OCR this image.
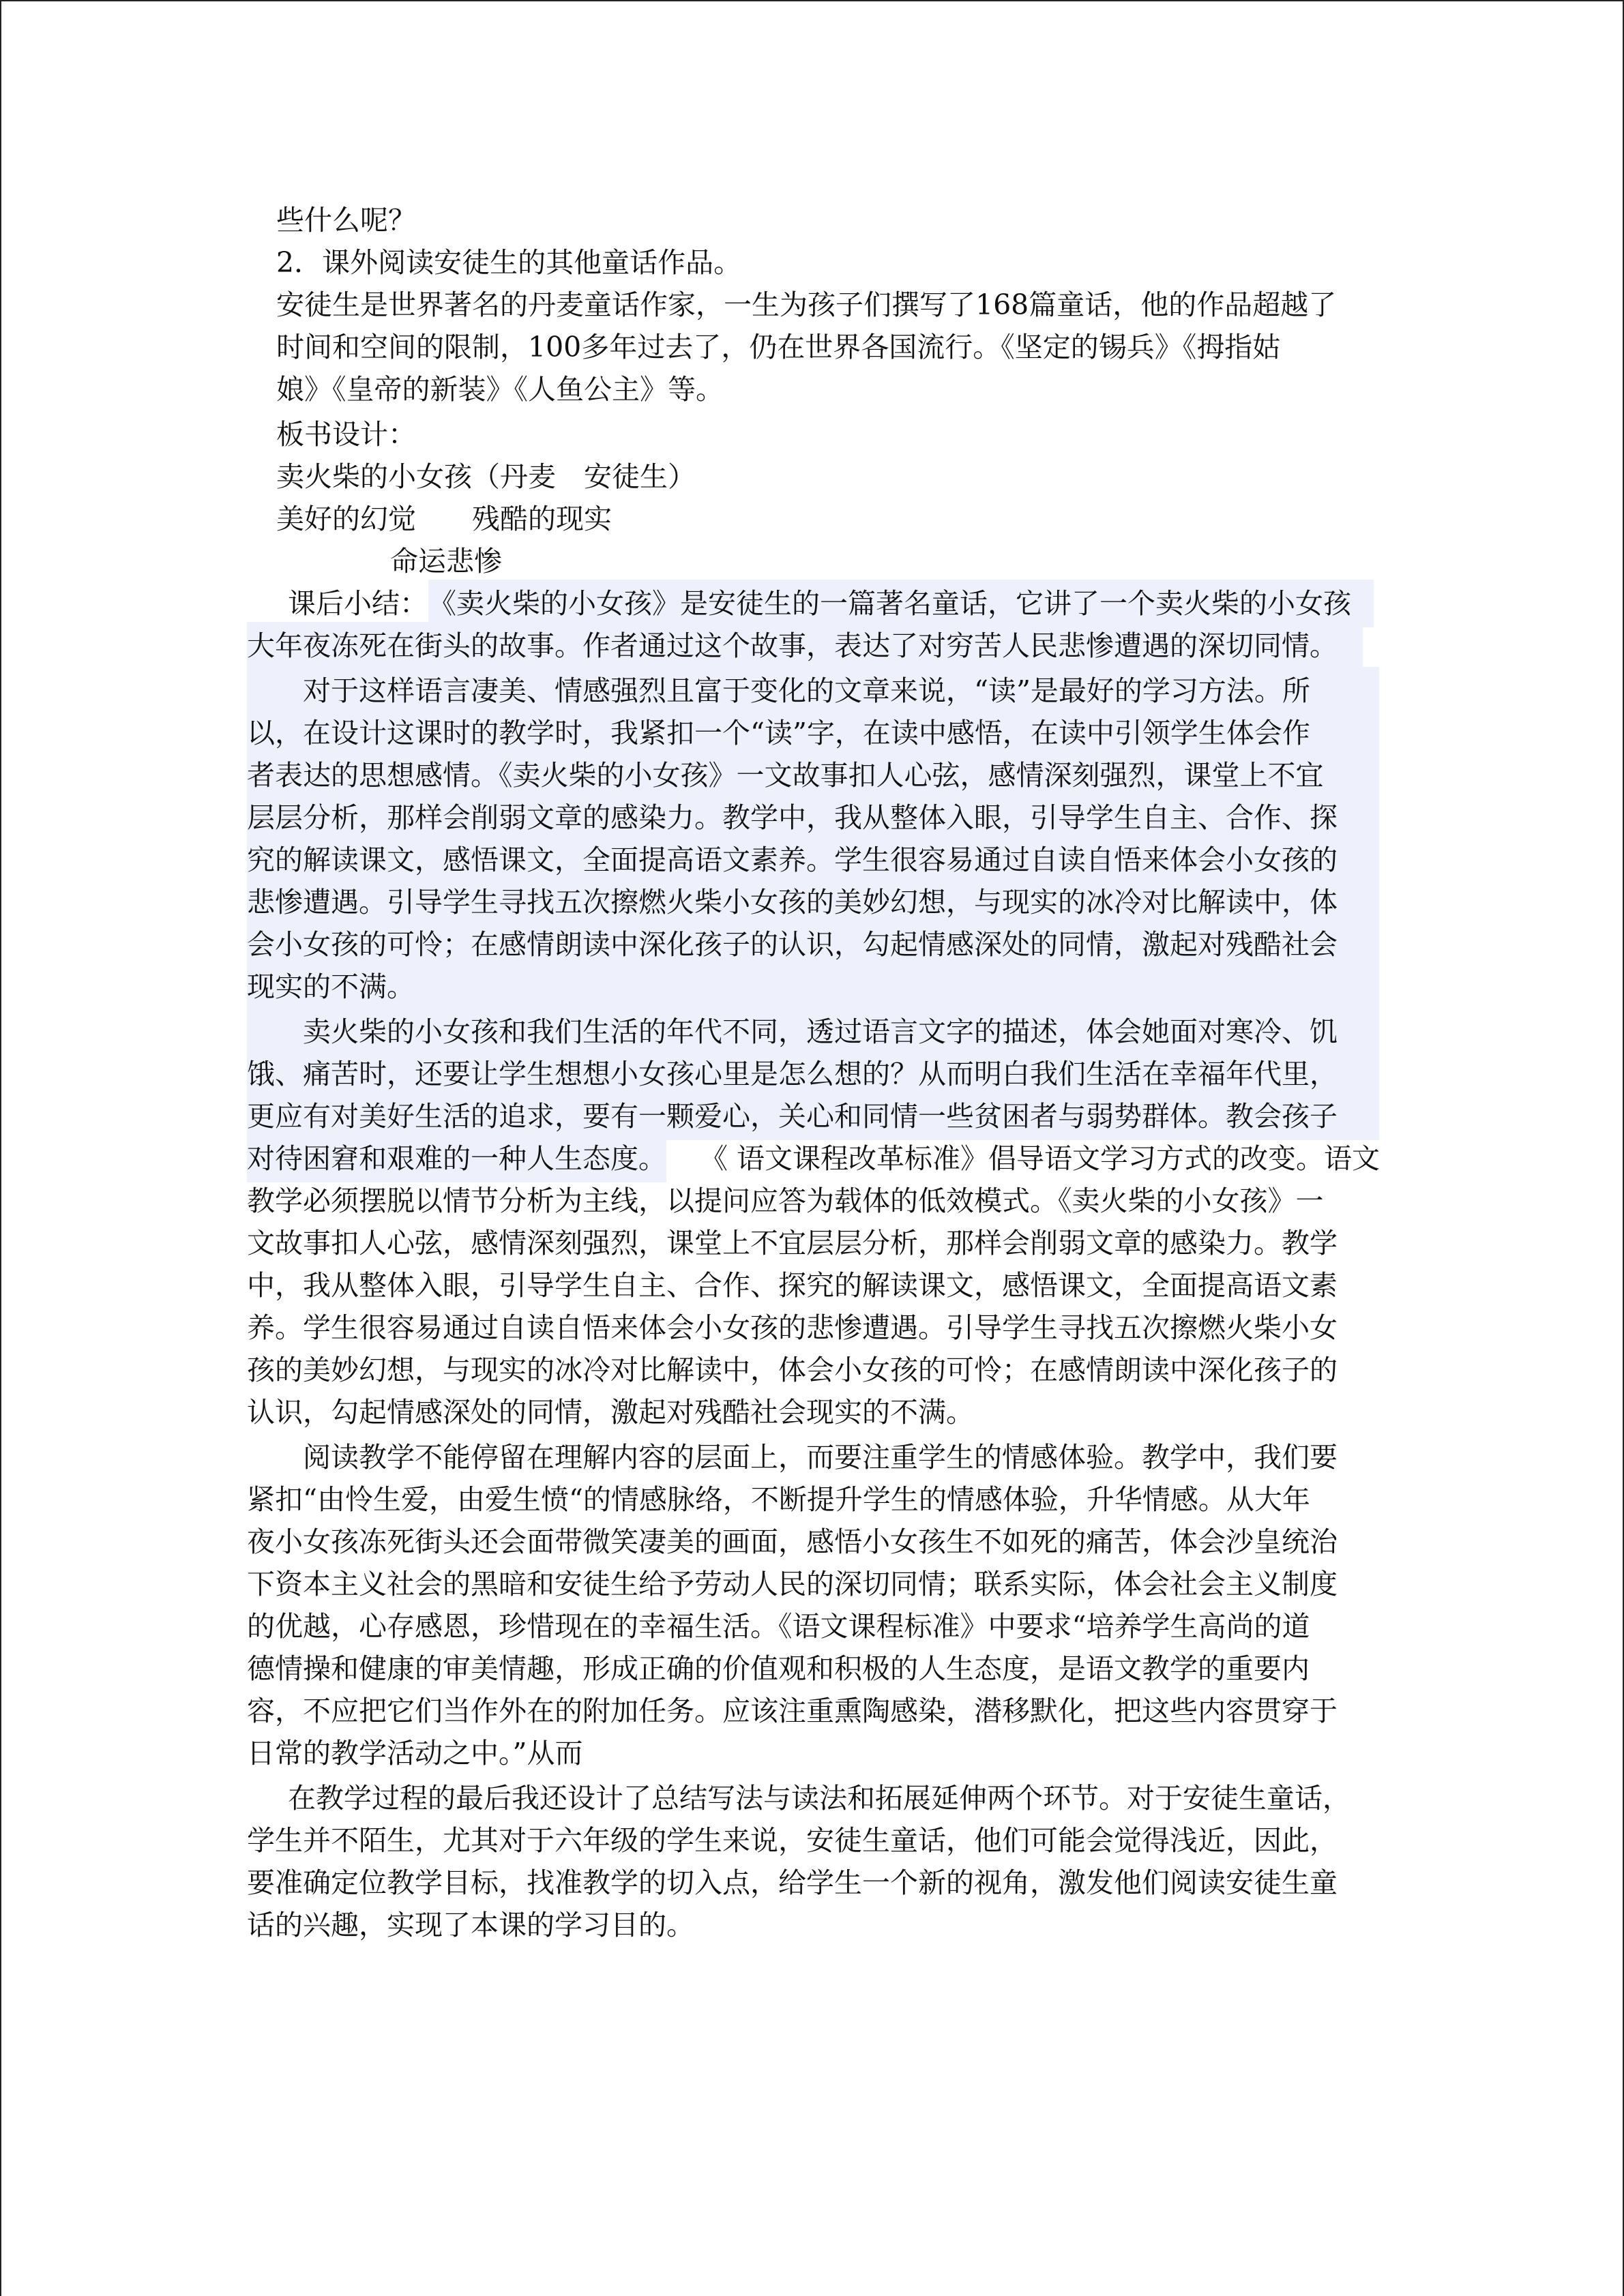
些什么呢？
2．课外阅读安徒生的其他童话作品。
安徒生是世界著名的丹麦童话作家，一生为孩子们撰写了168篇童话，他的作品超越了
时间和空间的限制，100多年过去了，仍在世界各国流行。《坚定的锡兵》《拇指姑
娘》《皇帝的新装》《人鱼公主》等。
板书设计：
卖火柴的小女孩（丹麦　安徒生）
美好的幻觉　　残酷的现实
命运悲惨
课后小结： 《卖火柴的小女孩》是安徒生的一篇著名童话，它讲了一个卖火柴的小女孩
大年夜冻死在街头的故事。作者通过这个故事，表达了对穷苦人民悲惨遭遇的深切同情。
对于这样语言凄美、情感强烈且富于变化的文章来说，“读”是最好的学习方法。所
以，在设计这课时的教学时，我紧扣一个“读”字，在读中感悟，在读中引领学生体会作
者表达的思想感情。《卖火柴的小女孩》一文故事扣人心弦，感情深刻强烈，课堂上不宜
层层分析，那样会削弱文章的感染力。教学中，我从整体入眼，引导学生自主、合作、探
究的解读课文，感悟课文，全面提高语文素养。学生很容易通过自读自悟来体会小女孩的
悲惨遭遇。引导学生寻找五次擦燃火柴小女孩的美妙幻想，与现实的冰冷对比解读中，体
会小女孩的可怜；在感情朗读中深化孩子的认识，勾起情感深处的同情，激起对残酷社会
现实的不满。
卖火柴的小女孩和我们生活的年代不同，透过语言文字的描述，体会她面对寒冷、饥
饿、痛苦时，还要让学生想想小女孩心里是怎么想的？从而明白我们生活在幸福年代里，
更应有对美好生活的追求，要有一颗爱心，关心和同情一些贫困者与弱势群体。教会孩子
对待困窘和艰难的一种人生态度。 《 语文课程改革标准》倡导语文学习方式的改变。语文
教学必须摆脱以情节分析为主线，以提问应答为载体的低效模式。《卖火柴的小女孩》一
文故事扣人心弦，感情深刻强烈，课堂上不宜层层分析，那样会削弱文章的感染力。教学
中，我从整体入眼，引导学生自主、合作、探究的解读课文，感悟课文，全面提高语文素
养。学生很容易通过自读自悟来体会小女孩的悲惨遭遇。引导学生寻找五次擦燃火柴小女
孩的美妙幻想，与现实的冰冷对比解读中，体会小女孩的可怜；在感情朗读中深化孩子的
认识，勾起情感深处的同情，激起对残酷社会现实的不满。
阅读教学不能停留在理解内容的层面上，而要注重学生的情感体验。教学中，我们要
紧扣“由怜生爱，由爱生愤“的情感脉络，不断提升学生的情感体验，升华情感。从大年
夜小女孩冻死街头还会面带微笑凄美的画面，感悟小女孩生不如死的痛苦，体会沙皇统治
下资本主义社会的黑暗和安徒生给予劳动人民的深切同情；联系实际，体会社会主义制度
的优越，心存感恩，珍惜现在的幸福生活。《语文课程标准》中要求“培养学生高尚的道
德情操和健康的审美情趣，形成正确的价值观和积极的人生态度，是语文教学的重要内
容，不应把它们当作外在的附加任务。应该注重熏陶感染，潜移默化，把这些内容贯穿于
日常的教学活动之中。”从而
在教学过程的最后我还设计了总结写法与读法和拓展延伸两个环节。对于安徒生童话，
学生并不陌生，尤其对于六年级的学生来说，安徒生童话，他们可能会觉得浅近，因此，
要准确定位教学目标，找准教学的切入点，给学生一个新的视角，激发他们阅读安徒生童
话的兴趣，实现了本课的学习目的。
